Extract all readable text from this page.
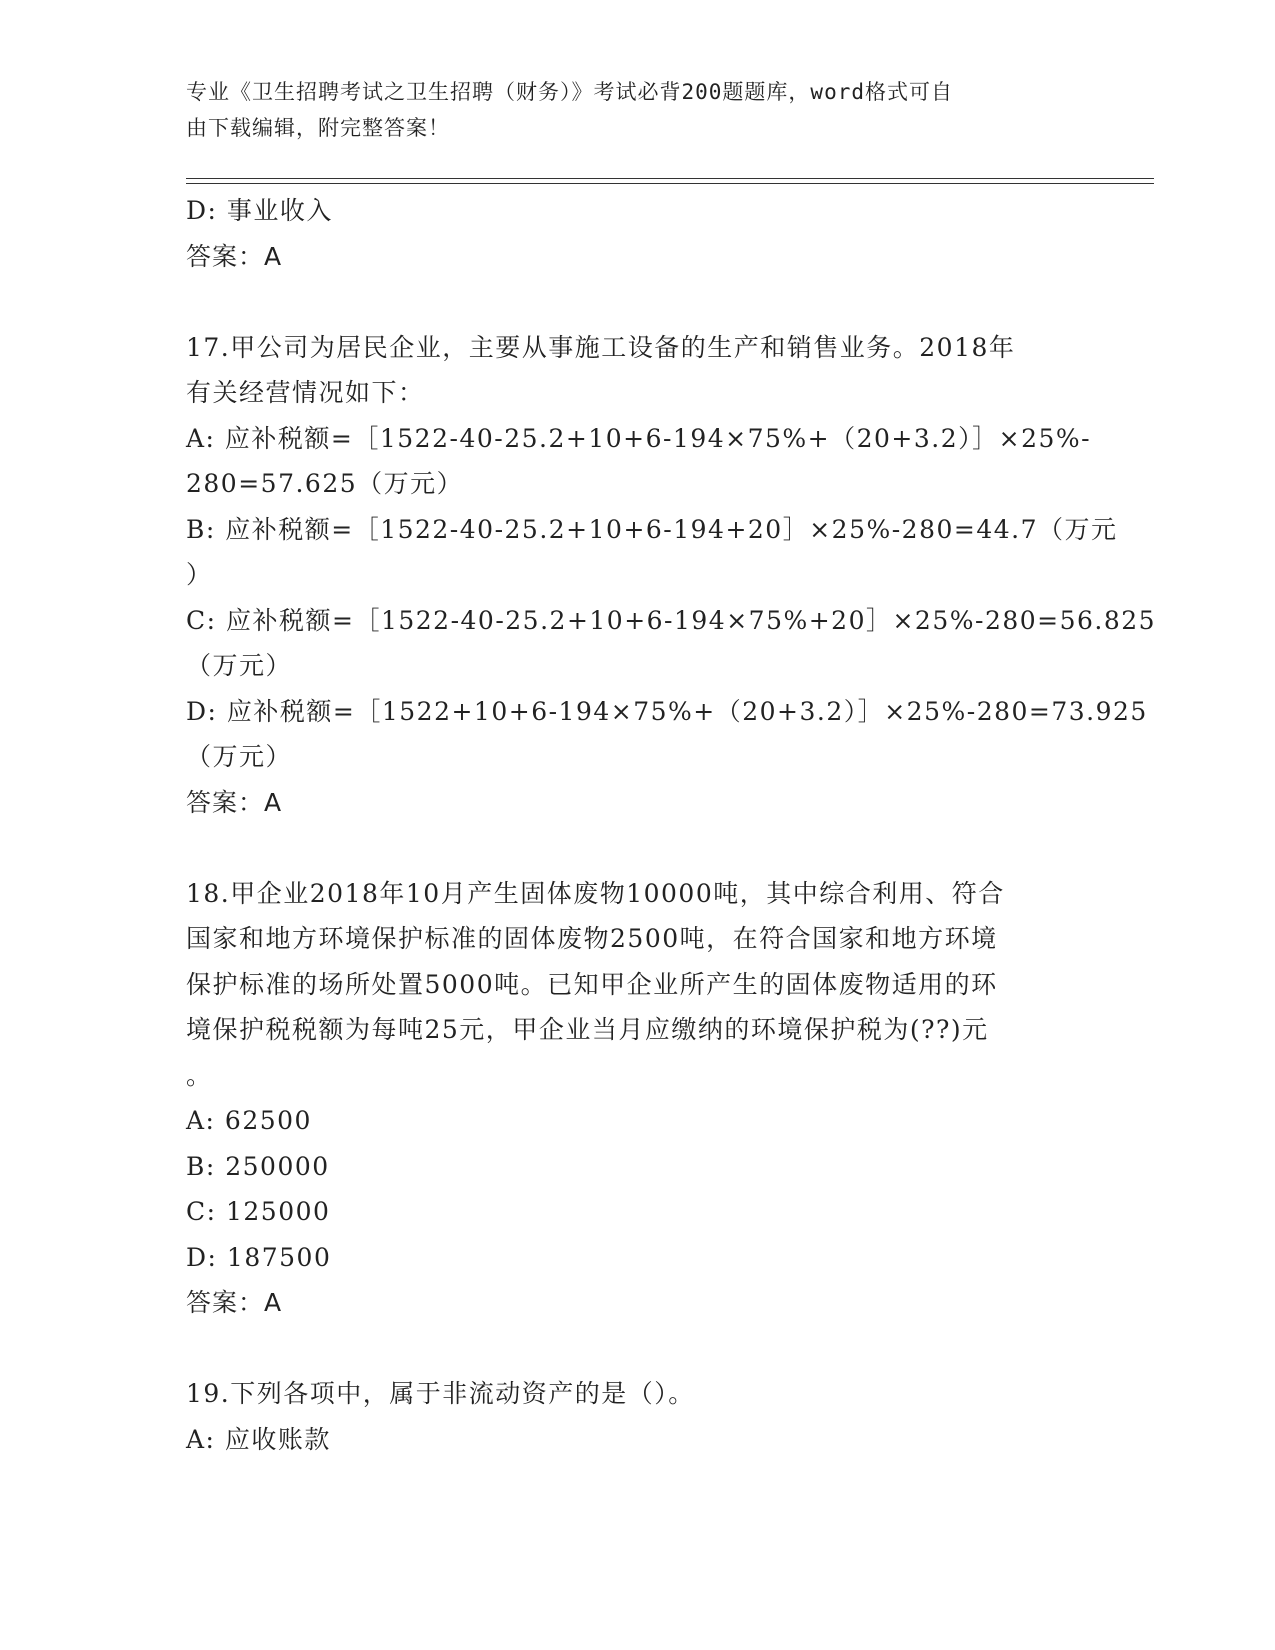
专业《卫生招聘考试之卫生招聘（财务）》考试必背200题题库，word格式可自
由下载编辑，附完整答案！
D: 事业收入
答案：A
17.甲公司为居民企业，主要从事施工设备的生产和销售业务。2018年
有关经营情况如下：
A: 应补税额=［1522-40-25.2+10+6-194×75%+（20+3.2）］×25%-
280=57.625（万元）
B: 应补税额=［1522-40-25.2+10+6-194+20］×25%-280=44.7（万元
）
C: 应补税额=［1522-40-25.2+10+6-194×75%+20］×25%-280=56.825
（万元）
D: 应补税额=［1522+10+6-194×75%+（20+3.2）］×25%-280=73.925
（万元）
答案：A
18.甲企业2018年10月产生固体废物10000吨，其中综合利用、符合
国家和地方环境保护标准的固体废物2500吨，在符合国家和地方环境
保护标准的场所处置5000吨。已知甲企业所产生的固体废物适用的环
境保护税税额为每吨25元，甲企业当月应缴纳的环境保护税为(??)元
。
A: 62500
B: 250000
C: 125000
D: 187500
答案：A
19.下列各项中，属于非流动资产的是（）。
A: 应收账款
